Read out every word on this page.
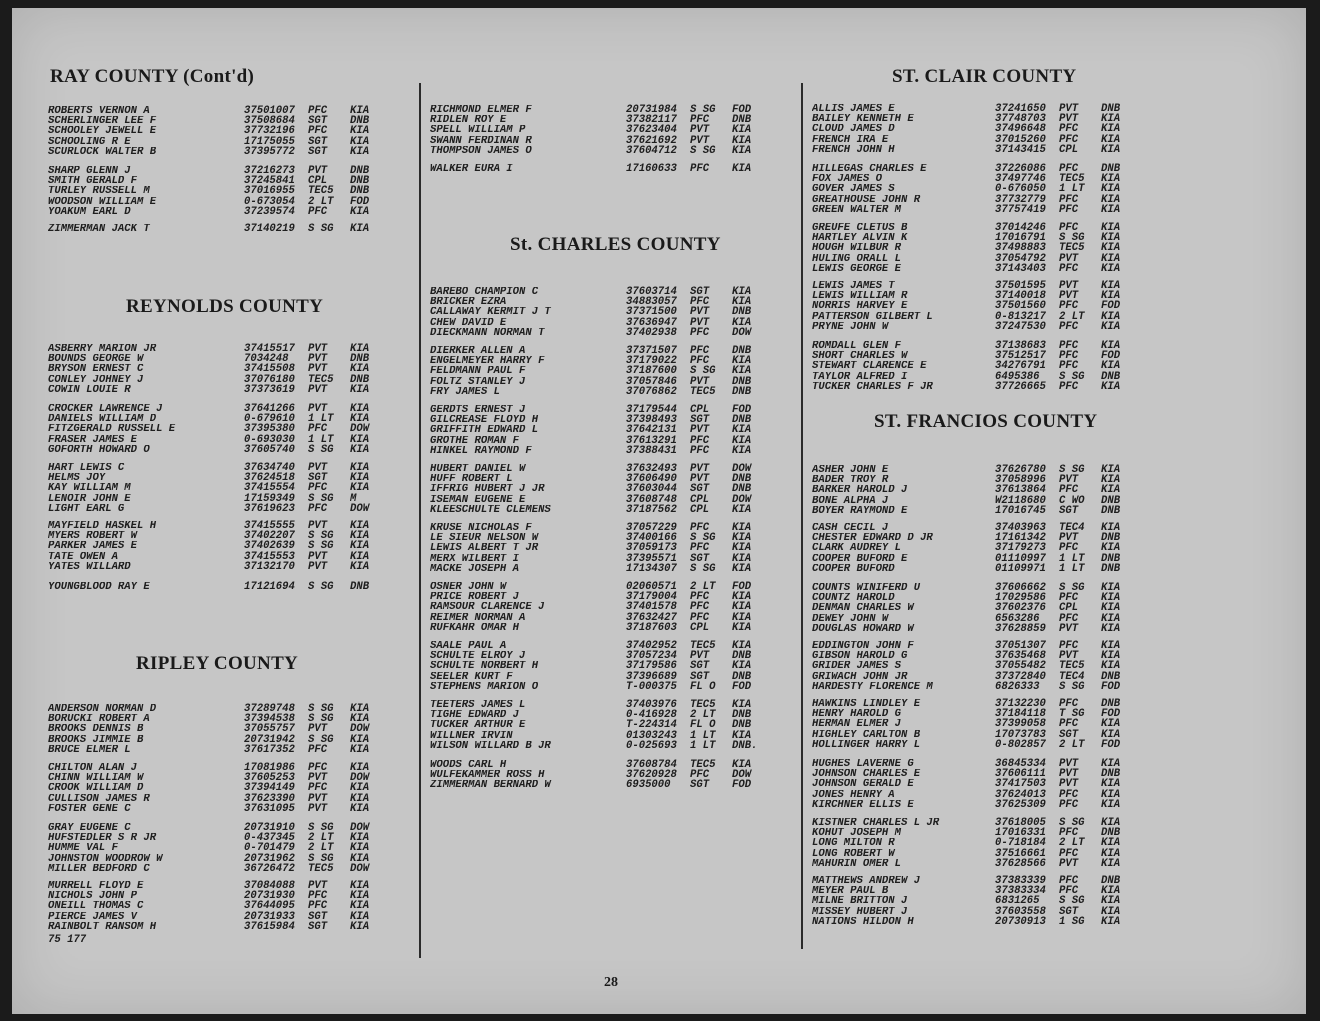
RAY COUNTY (Cont'd)
ROBERTS VERNON A	37501007	PFC	KIA
SCHERLINGER LEE F	37508684	SGT	DNB
SCHOOLEY JEWELL E	37732196	PFC	KIA
SCHOOLING R E	17175055	SGT	KIA
SCURLOCK WALTER B	37395772	SGT	KIA
SHARP GLENN J	37216273	PVT	DNB
SMITH GERALD F	37245841	CPL	DNB
TURLEY RUSSELL M	37016955	TEC5	DNB
WOODSON WILLIAM E	0-673054	2 LT	FOD
YOAKUM EARL D	37239574	PFC	KIA
ZIMMERMAN JACK T	37140219	S SG	KIA
REYNOLDS COUNTY
ASBERRY MARION JR	37415517	PVT	KIA
BOUNDS GEORGE W	7034248	PVT	DNB
BRYSON ERNEST C	37415508	PVT	KIA
CONLEY JOHNEY J	37076180	TEC5	DNB
COWIN LOUIE R	37373619	PVT	KIA
CROCKER LAWRENCE J	37641266	PVT	KIA
DANIELS WILLIAM D	0-679610	1 LT	KIA
FITZGERALD RUSSELL E	37395380	PFC	DOW
FRASER JAMES E	0-693030	1 LT	KIA
GOFORTH HOWARD O	37605740	S SG	KIA
HART LEWIS C	37634740	PVT	KIA
HELMS JOY	37624518	SGT	KIA
KAY WILLIAM M	37415554	PFC	KIA
LENOIR JOHN E	17159349	S SG	M
LIGHT EARL G	37619623	PFC	DOW
MAYFIELD HASKEL H	37415555	PVT	KIA
MYERS ROBERT W	37402207	S SG	KIA
PARKER JAMES E	37402639	S SG	KIA
TATE OWEN A	37415553	PVT	KIA
YATES WILLARD	37132170	PVT	KIA
YOUNGBLOOD RAY E	17121694	S SG	DNB
RIPLEY COUNTY
ANDERSON NORMAN D	37289748	S SG	KIA
BORUCKI ROBERT A	37394538	S SG	KIA
BROOKS DENNIS B	37055757	PVT	DOW
BROOKS JIMMIE B	20731942	S SG	KIA
BRUCE ELMER L	37617352	PFC	KIA
CHILTON ALAN J	17081986	PFC	KIA
CHINN WILLIAM W	37605253	PVT	DOW
CROOK WILLIAM D	37394149	PFC	KIA
CULLISON JAMES R	37623390	PVT	KIA
FOSTER GENE C	37631095	PVT	KIA
GRAY EUGENE C	20731910	S SG	DOW
HUFSTEDLER S R JR	0-437345	2 LT	KIA
HUMME VAL F	0-701479	2 LT	KIA
JOHNSTON WOODROW W	20731962	S SG	KIA
MILLER BEDFORD C	36726472	TEC5	DOW
MURRELL FLOYD E	37084088	PVT	KIA
NICHOLS JOHN P	20731930	PFC	KIA
ONEILL THOMAS C	37644095	PFC	KIA
PIERCE JAMES V	20731933	SGT	KIA
RAINBOLT RANSOM H	37615984	SGT	KIA
75 177
RICHMOND ELMER F	20731984	S SG	FOD
RIDLEN ROY E	37382117	PFC	DNB
SPELL WILLIAM P	37623404	PVT	KIA
SWANN FERDINAN R	37621692	PVT	KIA
THOMPSON JAMES O	37604712	S SG	KIA
WALKER EURA I	17160633	PFC	KIA
St. CHARLES COUNTY
BAREBO CHAMPION C	37603714	SGT	KIA
BRICKER EZRA	34883057	PFC	KIA
CALLAWAY KERMIT J T	37371500	PVT	DNB
CHEW DAVID E	37636947	PVT	KIA
DIECKMANN NORMAN T	37402938	PFC	DOW
DIERKER ALLEN A	37371507	PFC	DNB
ENGELMEYER HARRY F	37179022	PFC	KIA
FELDMANN PAUL F	37187600	S SG	KIA
FOLTZ STANLEY J	37057846	PVT	DNB
FRY JAMES L	37076862	TEC5	DNB
GERDTS ERNEST J	37179544	CPL	FOD
GILCREASE FLOYD H	37398493	SGT	DNB
GRIFFITH EDWARD L	37642131	PVT	KIA
GROTHE ROMAN F	37613291	PFC	KIA
HINKEL RAYMOND F	37388431	PFC	KIA
HUBERT DANIEL W	37632493	PVT	DOW
HUFF ROBERT L	37606490	PVT	DNB
IFFRIG HUBERT J JR	37603044	SGT	DNB
ISEMAN EUGENE E	37608748	CPL	DOW
KLEESCHULTE CLEMENS	37187562	CPL	KIA
KRUSE NICHOLAS F	37057229	PFC	KIA
LE SIEUR NELSON W	37400166	S SG	KIA
LEWIS ALBERT T JR	37059173	PFC	KIA
MERX WILBERT I	37395571	SGT	KIA
MACKE JOSEPH A	17134307	S SG	KIA
OSNER JOHN W	02060571	2 LT	FOD
PRICE ROBERT J	37179004	PFC	KIA
RAMSOUR CLARENCE J	37401578	PFC	KIA
REIMER NORMAN A	37632427	PFC	KIA
RUFKAHR OMAR H	37187603	CPL	KIA
SAALE PAUL A	37402952	TEC5	KIA
SCHULTE ELROY J	37057234	PVT	DNB
SCHULTE NORBERT H	37179586	SGT	KIA
SEELER KURT F	37396689	SGT	DNB
STEPHENS MARION O	T-000375	FL O	FOD
TEETERS JAMES L	37403976	TEC5	KIA
TIGHE EDWARD J	0-416928	2 LT	DNB
TUCKER ARTHUR E	T-224314	FL O	DNB
WILLNER IRVIN	01303243	1 LT	KIA
WILSON WILLARD B JR	0-025693	1 LT	DNB.
WOODS CARL H	37608784	TEC5	KIA
WULFEKAMMER ROSS H	37620928	PFC	DOW
ZIMMERMAN BERNARD W	6935000	SGT	FOD
ST. CLAIR COUNTY
ALLIS JAMES E	37241650	PVT	DNB
BAILEY KENNETH E	37748703	PVT	KIA
CLOUD JAMES D	37496648	PFC	KIA
FRENCH IRA E	37015260	PFC	KIA
FRENCH JOHN H	37143415	CPL	KIA
HILLEGAS CHARLES E	37226086	PFC	DNB
FOX JAMES O	37497746	TEC5	KIA
GOVER JAMES S	0-676050	1 LT	KIA
GREATHOUSE JOHN R	37732779	PFC	KIA
GREEN WALTER M	37757419	PFC	KIA
GREUFE CLETUS B	37014246	PFC	KIA
HARTLEY ALVIN K	17016791	S SG	KIA
HOUGH WILBUR R	37498883	TEC5	KIA
HULING ORALL L	37054792	PVT	KIA
LEWIS GEORGE E	37143403	PFC	KIA
LEWIS JAMES T	37501595	PVT	KIA
LEWIS WILLIAM R	37140018	PVT	KIA
NORRIS HARVEY E	37501560	PFC	FOD
PATTERSON GILBERT L	0-813217	2 LT	KIA
PRYNE JOHN W	37247530	PFC	KIA
ROMDALL GLEN F	37138683	PFC	KIA
SHORT CHARLES W	37512517	PFC	FOD
STEWART CLARENCE E	34276791	PFC	KIA
TAYLOR ALFRED I	6495386	S SG	DNB
TUCKER CHARLES F JR	37726665	PFC	KIA
ST. FRANCIOS COUNTY
ASHER JOHN E	37626780	S SG	KIA
BADER TROY R	37058996	PVT	KIA
BARKER HAROLD J	37613864	PFC	KIA
BONE ALPHA J	W2118680	C WO	DNB
BOYER RAYMOND E	17016745	SGT	DNB
CASH CECIL J	37403963	TEC4	KIA
CHESTER EDWARD D JR	17161342	PVT	DNB
CLARK AUDREY L	37179273	PFC	KIA
COOPER BUFORD E	01110997	1 LT	DNB
COOPER BUFORD	01109971	1 LT	DNB
COUNTS WINIFERD U	37606662	S SG	KIA
COUNTZ HAROLD	17029586	PFC	KIA
DENMAN CHARLES W	37602376	CPL	KIA
DEWEY JOHN W	6563286	PFC	KIA
DOUGLAS HOWARD W	37628859	PVT	KIA
EDDINGTON JOHN F	37051307	PFC	KIA
GIBSON HAROLD G	37635468	PVT	KIA
GRIDER JAMES S	37055482	TEC5	KIA
GRIWACH JOHN JR	37372840	TEC4	DNB
HARDESTY FLORENCE M	6826333	S SG	FOD
HAWKINS LINDLEY E	37132230	PFC	DNB
HENRY HAROLD G	37184118	T SG	FOD
HERMAN ELMER J	37399058	PFC	KIA
HIGHLEY CARLTON B	17073783	SGT	KIA
HOLLINGER HARRY L	0-802857	2 LT	FOD
HUGHES LAVERNE G	36845334	PVT	KIA
JOHNSON CHARLES E	37606111	PVT	DNB
JOHNSON GERALD E	37417503	PVT	KIA
JONES HENRY A	37624013	PFC	KIA
KIRCHNER ELLIS E	37625309	PFC	KIA
KISTNER CHARLES L JR	37618005	S SG	KIA
KOHUT JOSEPH M	17016331	PFC	DNB
LONG MILTON R	0-718184	2 LT	KIA
LONG ROBERT W	37516661	PFC	KIA
MAHURIN OMER L	37628566	PVT	KIA
MATTHEWS ANDREW J	37383339	PFC	DNB
MEYER PAUL B	37383334	PFC	KIA
MILNE BRITTON J	6831265	S SG	KIA
MISSEY HUBERT J	37603558	SGT	KIA
NATIONS HILDON H	20730913	1 SG	KIA
28
